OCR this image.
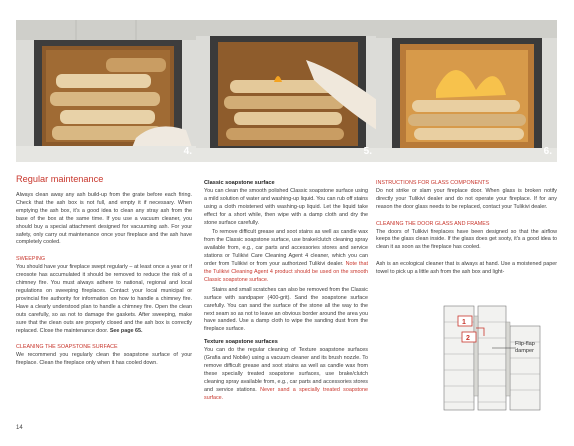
4.	5.	6.
Regular maintenance
Always clean away any ash build-up from the grate before each firing. Check that the ash box is not full, and empty it if necessary. When emptying the ash box, it's a good idea to clean any stray ash from the base of the box at the same time. If you use a vacuum cleaner, you should buy a special attachment designed for vacuuming ash. For your safety, only carry out maintenance once your fireplace and the ash have completely cooled.
SWEEPING
You should have your fireplace swept regularly – at least once a year or if creosote has accumulated it should be removed to reduce the risk of a chimney fire. You must always adhere to national, regional and local regulations on sweeping fireplaces. Contact your local municipal or provincial fire authority for information on how to handle a chimney fire. Have a clearly understood plan to handle a chimney fire. Open the clean outs carefully, so as not to damage the gaskets. After sweeping, make sure that the clean outs are properly closed and the ash box is correctly replaced. Close the maintenance door. See page 65.
CLEANING THE SOAPSTONE SURFACE
We recommend you regularly clean the soapstone surface of your fireplace. Clean the fireplace only when it has cooled down.
Classic soapstone surface
You can clean the smooth polished Classic soapstone surface using a mild solution of water and washing-up liquid. You can rub off stains using a cloth moistened with washing-up liquid. Let the liquid take effect for a short while, then wipe with a damp cloth and dry the stone surface carefully.
To remove difficult grease and soot stains as well as candle wax from the Classic soapstone surface, use brake/clutch cleaning spray available from, e.g., car parts and accessories stores and service stations or Tulikivi Care Cleaning Agent 4 cleaner, which you can order from Tulikivi or from your authorized Tulikivi dealer. Note that the Tulikivi Cleaning Agent 4 product should be used on the smooth Classic soapstone surface.
Stains and small scratches can also be removed from the Classic surface with sandpaper (400-grit). Sand the soapstone surface carefully. You can sand the surface of the stone all the way to the next seam so as not to leave an obvious border around the area you have sanded. Use a damp cloth to wipe the sanding dust from the fireplace surface.
Texture soapstone surfaces
You can do the regular cleaning of Texture soapstone surfaces (Grafia and Nobile) using a vacuum cleaner and its brush nozzle. To remove difficult grease and soot stains as well as candle wax from these specially treated soapstone surfaces, use brake/clutch cleaning spray available from, e.g., car parts and accessories stores and service stations. Never sand a specially treated soapstone surface.
INSTRUCTIONS FOR GLASS COMPONENTS
Do not strike or slam your fireplace door. When glass is broken notify directly your Tulikivi dealer and do not operate your fireplace. If for any reason the door glass needs to be replaced, contact your Tulikivi dealer.
CLEANING THE DOOR GLASS AND FRAMES
The doors of Tulikivi fireplaces have been designed so that the airflow keeps the glass clean inside. If the glass does get sooty, it's a good idea to clean it as soon as the fireplace has cooled.
Ash is an ecological cleaner that is always at hand. Use a moistened paper towel to pick up a little ash from the ash box and light-
1
2
Flip-flap damper
14
